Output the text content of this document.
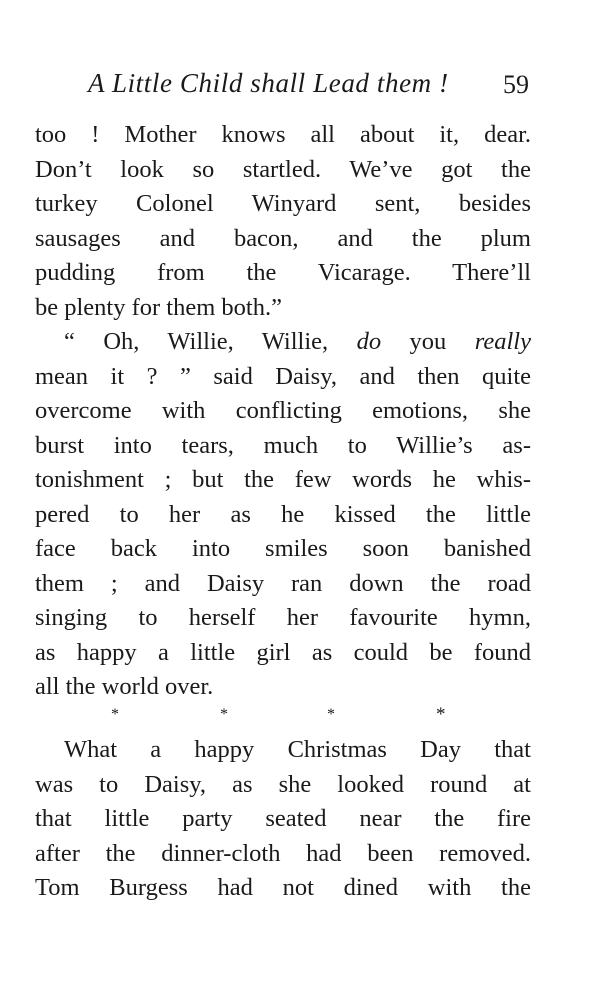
A Little Child shall Lead them ! 59
too ! Mother knows all about it, dear.
Don’t look so startled. We’ve got the
turkey Colonel Winyard sent, besides
sausages and bacon, and the plum
pudding from the Vicarage. There’ll
be plenty for them both.”
“ Oh, Willie, Willie, do you really
mean it ? ” said Daisy, and then quite
overcome with conflicting emotions, she
burst into tears, much to Willie’s as-
tonishment ; but the few words he whis-
pered to her as he kissed the little
face back into smiles soon banished
them ; and Daisy ran down the road
singing to herself her favourite hymn,
as happy a little girl as could be found
all the world over.
*	*	*	*
What a happy Christmas Day that
was to Daisy, as she looked round at
that little party seated near the fire
after the dinner-cloth had been removed.
Tom Burgess had not dined with the
